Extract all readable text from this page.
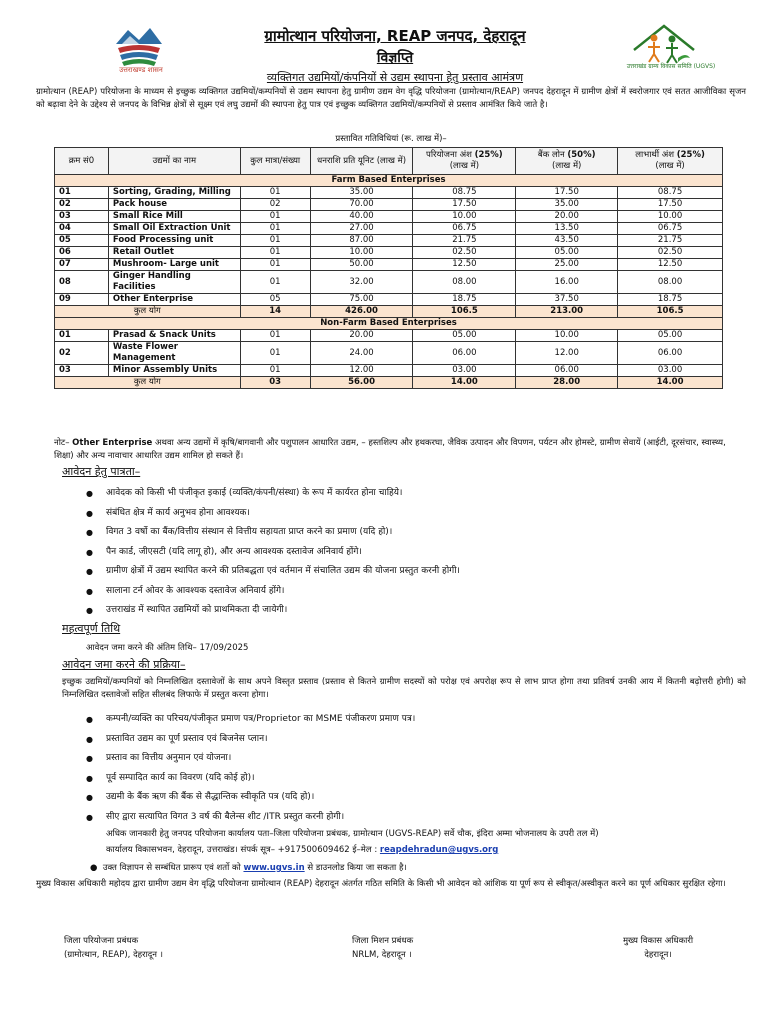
उत्तराखण्ड शासन	उत्तराखंड ग्राम्य विकास समिति (UGVS)
ग्रामोत्थान परियोजना, REAP जनपद, देहरादून
विज्ञप्ति
व्यक्तिगत उद्यमियों/कंपनियों से उद्यम स्थापना हेतु प्रस्ताव आमंत्रण
ग्रामोत्थान (REAP) परियोजना के माध्यम से इच्छुक व्यक्तिगत उद्यमियों/कम्पनियों से उद्यम स्थापना हेतु ग्रामीण उद्यम वेग वृद्धि परियोजना (ग्रामोत्थान/REAP) जनपद देहरादून में ग्रामीण क्षेत्रों में स्वरोजगार एवं सतत आजीविका सृजन को बढ़ावा देने के उद्देश्य से जनपद के विभिन्न क्षेत्रों से सूक्ष्म एवं लघु उद्यमों की स्थापना हेतु पात्र एवं इच्छुक व्यक्तिगत उद्यमियों/कम्पनियों से प्रस्ताव आमंत्रित किये जाते है।
प्रस्तावित गतिविधियां (रू. लाख में)–
क्रम सं0	उद्यमों का नाम	कुल मात्रा/संख्या	धनराशि प्रति यूनिट (लाख में)	परियोजना अंश (25%)
(लाख में)	बैंक लोन (50%)
(लाख में)	लाभार्थी अंश (25%)
(लाख में)
Farm Based Enterprises						
01	Sorting, Grading, Milling	01	35.00	08.75	17.50	08.75
02	Pack house	02	70.00	17.50	35.00	17.50
03	Small Rice Mill	01	40.00	10.00	20.00	10.00
04	Small Oil Extraction Unit	01	27.00	06.75	13.50	06.75
05	Food Processing unit	01	87.00	21.75	43.50	21.75
06	Retail Outlet	01	10.00	02.50	05.00	02.50
07	Mushroom- Large unit	01	50.00	12.50	25.00	12.50
08	Ginger Handling Facilities	01	32.00	08.00	16.00	08.00
09	Other Enterprise	05	75.00	18.75	37.50	18.75
कुल योग		14	426.00	106.5	213.00	106.5
Non-Farm Based Enterprises						
01	Prasad & Snack Units	01	20.00	05.00	10.00	05.00
02	Waste Flower Management	01	24.00	06.00	12.00	06.00
03	Minor Assembly Units	01	12.00	03.00	06.00	03.00
कुल योग		03	56.00	14.00	28.00	14.00
नोट– Other Enterprise अथवा अन्य उद्यमों में कृषि/बागवानी और पशुपालन आधारित उद्यम, – हस्तशिल्प और हथकरघा, जैविक उत्पादन और विपणन, पर्यटन और होमस्टे, ग्रामीण सेवायें (आईटी, दूरसंचार, स्वास्थ्य, शिक्षा) और अन्य नावाचार आधारित उद्यम शामिल हो सकते हैं।
आवेदन हेतु पात्रता–
● आवेदक को किसी भी पंजीकृत इकाई (व्यक्ति/कंपनी/संस्था) के रूप में कार्यरत होना चाहिये।
● संबंधित क्षेत्र में कार्य अनुभव होना आवश्यक।
● विगत 3 वर्षो का बैंक/वित्तीय संस्थान से वित्तीय सहायता प्राप्त करने का प्रमाण (यदि हो)।
● पैन कार्ड, जीएसटी (यदि लागू हो), और अन्य आवश्यक दस्तावेज अनिवार्य होंगे।
● ग्रामीण क्षेत्रों में उद्यम स्थापित करने की प्रतिबद्धता एवं वर्तमान में संचालित उद्यम की योजना प्रस्तुत करनी होगी।
● सालाना टर्न ओवर के आवश्यक दस्तावेज अनिवार्य होंगे।
● उत्तराखंड में स्थापित उद्यमियों को प्राथमिकता दी जायेगी।
महत्वपूर्ण तिथि
आवेदन जमा करने की अंतिम तिथि– 17/09/2025
आवेदन जमा करने की प्रक्रिया–
इच्छुक उद्यमियों/कम्पनियों को निम्नलिखित दस्तावेजों के साथ अपने विस्तृत प्रस्ताव (प्रस्ताव से कितने ग्रामीण सदस्यों को परोक्ष एवं अपरोक्ष रूप से लाभ प्राप्त होगा तथा प्रतिवर्ष उनकी आय में कितनी बढ़ोत्तरी होगी) को निम्नलिखित दस्तावेजों सहित सीलबंद लिफाफे में प्रस्तुत करना होगा।
● कम्पनी/व्यक्ति का परिचय/पंजीकृत प्रमाण पत्र/Proprietor का MSME पंजीकरण प्रमाण पत्र।
● प्रस्तावित उद्यम का पूर्ण प्रस्ताव एवं बिजनेस प्लान।
● प्रस्ताव का वित्तीय अनुमान एवं योजना।
● पूर्व सम्पादित कार्य का विवरण (यदि कोई हो)।
● उद्यमी के बैंक ऋण की बैंक से सैद्धान्तिक स्वीकृति पत्र (यदि हो)।
● सीए द्वारा सत्यापित विगत 3 वर्ष की बैलेन्स शीट /ITR प्रस्तुत करनी होगी।
अधिक जानकारी हेतु जनपद परियोजना कार्यालय पता–जिला परियोजना प्रबंधक, ग्रामोत्थान (UGVS-REAP) सर्वे चौक, इंदिरा अम्मा भोजनालय के उपरी तल में)
कार्यालय विकासभवन, देहरादून, उत्तराखंड। संपर्क सूत्र– +917500609462 ई–मेल : reapdehradun@ugvs.org
●  उक्त विज्ञापन से सम्बंधित प्रारूप एवं शर्तो को www.ugvs.in से डाउनलोड किया जा सकता है।
मुख्य विकास अधिकारी महोदय द्वारा ग्रामीण उद्यम वेग वृद्धि परियोजना ग्रामोत्थान (REAP) देहरादून अंतर्गत गठित समिति के किसी भी आवेदन को आंशिक या पूर्ण रूप से स्वीकृत/अस्वीकृत करने का पूर्ण अधिकार सुरक्षित रहेगा।
जिला परियोजना प्रबंधक
(ग्रामोत्थान, REAP), देहरादून ।
जिला मिशन प्रबंधक
NRLM, देहरादून ।
मुख्य विकास अधिकारी
देहरादून।
